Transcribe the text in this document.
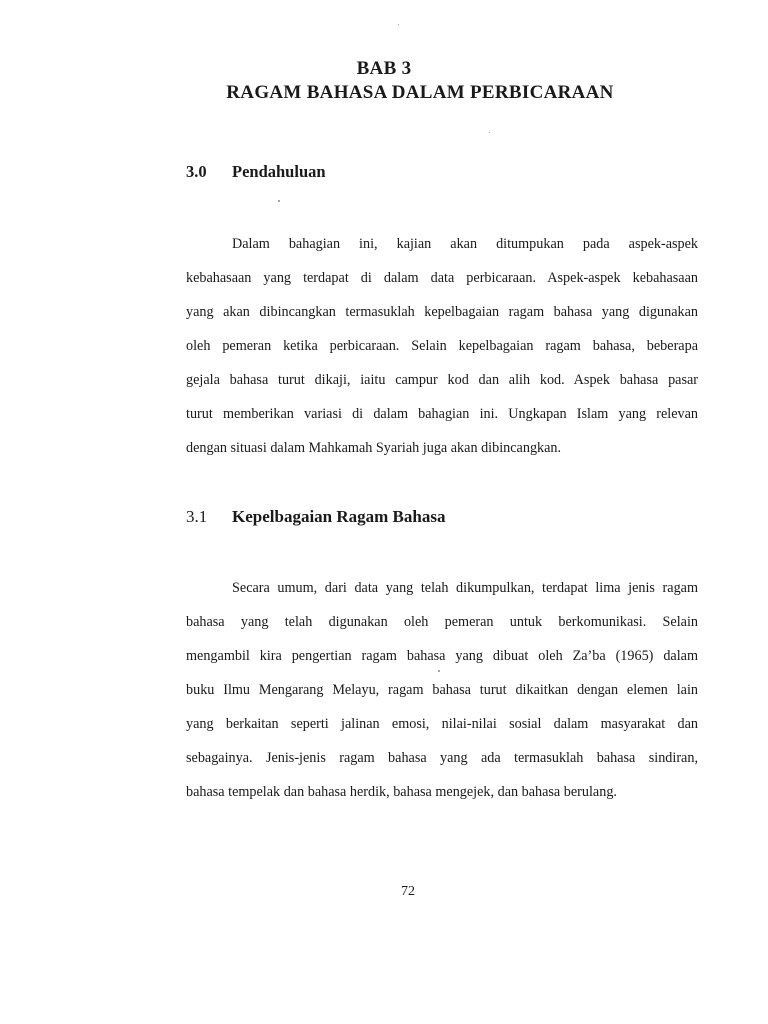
BAB 3
RAGAM BAHASA DALAM PERBICARAAN
3.0 Pendahuluan
Dalam bahagian ini, kajian akan ditumpukan pada aspek-aspek
kebahasaan yang terdapat di dalam data perbicaraan. Aspek-aspek kebahasaan
yang akan dibincangkan termasuklah kepelbagaian ragam bahasa yang digunakan
oleh pemeran ketika perbicaraan. Selain kepelbagaian ragam bahasa, beberapa
gejala bahasa turut dikaji, iaitu campur kod dan alih kod. Aspek bahasa pasar
turut memberikan variasi di dalam bahagian ini. Ungkapan Islam yang relevan
dengan situasi dalam Mahkamah Syariah juga akan dibincangkan.
3.1 Kepelbagaian Ragam Bahasa
Secara umum, dari data yang telah dikumpulkan, terdapat lima jenis ragam
bahasa yang telah digunakan oleh pemeran untuk berkomunikasi. Selain
mengambil kira pengertian ragam bahasa yang dibuat oleh Za’ba (1965) dalam
buku Ilmu Mengarang Melayu, ragam bahasa turut dikaitkan dengan elemen lain
yang berkaitan seperti jalinan emosi, nilai-nilai sosial dalam masyarakat dan
sebagainya. Jenis-jenis ragam bahasa yang ada termasuklah bahasa sindiran,
bahasa tempelak dan bahasa herdik, bahasa mengejek, dan bahasa berulang.
72
